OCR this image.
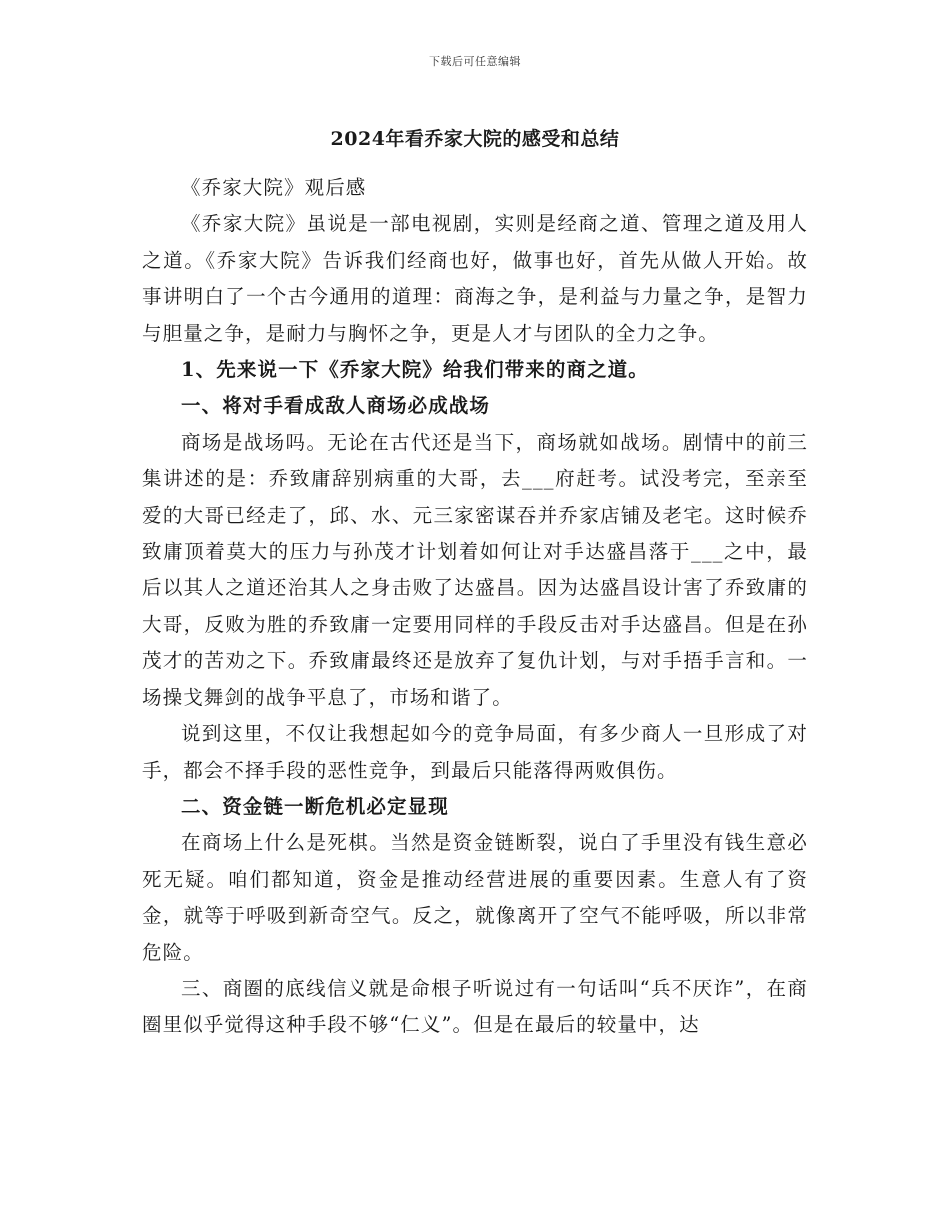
下载后可任意编辑
2024年看乔家大院的感受和总结

《乔家大院》观后感

《乔家大院》虽说是一部电视剧，实则是经商之道、管理之道及用人之道。《乔家大院》告诉我们经商也好，做事也好，首先从做人开始。故事讲明白了一个古今通用的道理：商海之争，是利益与力量之争，是智力与胆量之争，是耐力与胸怀之争，更是人才与团队的全力之争。

1、先来说一下《乔家大院》给我们带来的商之道。

一、将对手看成敌人商场必成战场

商场是战场吗。无论在古代还是当下，商场就如战场。剧情中的前三集讲述的是：乔致庸辞别病重的大哥，去___府赶考。试没考完，至亲至爱的大哥已经走了，邱、水、元三家密谋吞并乔家店铺及老宅。这时候乔致庸顶着莫大的压力与孙茂才计划着如何让对手达盛昌落于___之中，最后以其人之道还治其人之身击败了达盛昌。因为达盛昌设计害了乔致庸的大哥，反败为胜的乔致庸一定要用同样的手段反击对手达盛昌。但是在孙茂才的苦劝之下。乔致庸最终还是放弃了复仇计划，与对手捂手言和。一场操戈舞剑的战争平息了，市场和谐了。

说到这里，不仅让我想起如今的竞争局面，有多少商人一旦形成了对手，都会不择手段的恶性竞争，到最后只能落得两败俱伤。

二、资金链一断危机必定显现

在商场上什么是死棋。当然是资金链断裂，说白了手里没有钱生意必死无疑。咱们都知道，资金是推动经营进展的重要因素。生意人有了资金，就等于呼吸到新奇空气。反之，就像离开了空气不能呼吸，所以非常危险。

三、商圈的底线信义就是命根子听说过有一句话叫“兵不厌诈”，在商圈里似乎觉得这种手段不够“仁义”。但是在最后的较量中，达
